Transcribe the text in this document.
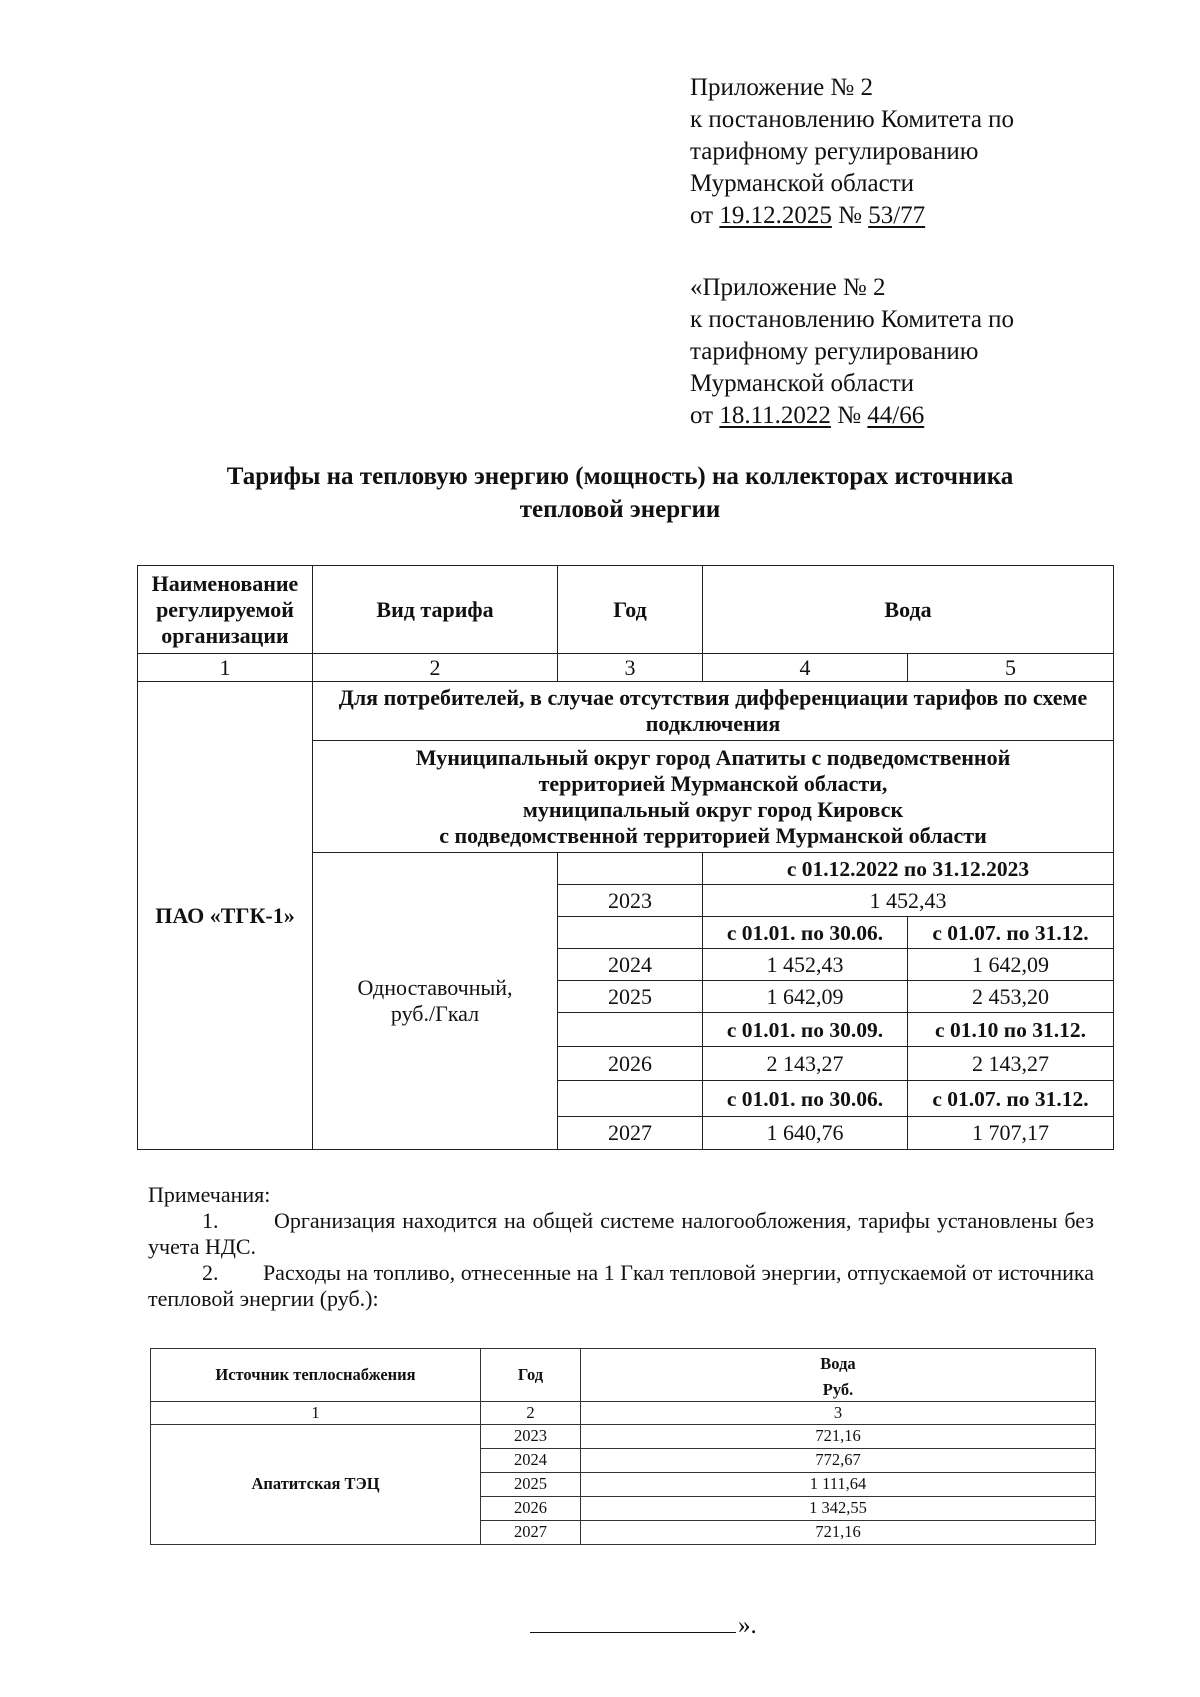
Приложение № 2
к постановлению Комитета по
тарифному регулированию
Мурманской области
от 19.12.2025 № 53/77
«Приложение № 2
к постановлению Комитета по
тарифному регулированию
Мурманской области
от 18.11.2022 № 44/66
Тарифы на тепловую энергию (мощность) на коллекторах источника
тепловой энергии
Наименование регулируемой организации	Вид тарифа	Год	Вода	
1	2	3	4	5
ПАО «ТГК-1»	Для потребителей, в случае отсутствия дифференциации тарифов по схеме подключения			

	Муниципальный округ город Апатиты с подведомственной
территорией Мурманской области,
муниципальный округ город Кировск
с подведомственной территорией Мурманской области			

	Одноставочный, руб./Гкал		с 01.12.2022 по 31.12.2023	
		2023	1 452,43	
			с 01.01. по 30.06.	с 01.07. по 31.12.
		2024	1 452,43	1 642,09
		2025	1 642,09	2 453,20
			с 01.01. по 30.09.	с 01.10 по 31.12.
		2026	2 143,27	2 143,27
			с 01.01. по 30.06.	с 01.07. по 31.12.
		2027	1 640,76	1 707,17

Примечания:

1.        Организация находится на общей системе налогообложения, тарифы установлены без учета НДС.

2.        Расходы на топливо, отнесенные на 1 Гкал тепловой энергии, отпускаемой от источника тепловой энергии (руб.):

Источник теплоснабжения	Год	Вода
		Руб.
1	2	3
Апатитская ТЭЦ	2023	721,16
	2024	772,67
	2025	1 111,64
	2026	1 342,55
	2027	721,16
».
